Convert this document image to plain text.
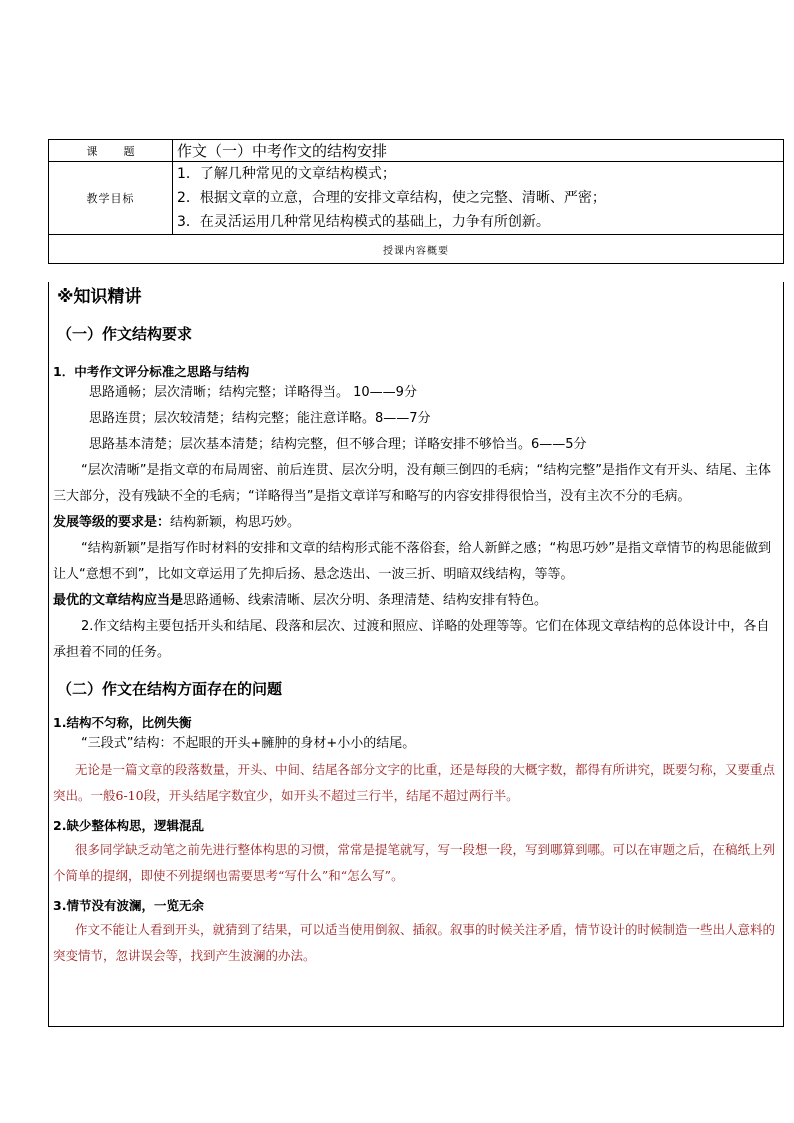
课题	作文（一）中考作文的结构安排
教学目标	1．了解几种常见的文章结构模式；
2．根据文章的立意，合理的安排文章结构，使之完整、清晰、严密；
3．在灵活运用几种常见结构模式的基础上，力争有所创新。

授课内容概要	
※知识精讲
（一）作文结构要求
1．中考作文评分标准之思路与结构
思路通畅；层次清晰；结构完整；详略得当。 10——9分
思路连贯；层次较清楚；结构完整；能注意详略。8——7分
思路基本清楚；层次基本清楚；结构完整，但不够合理；详略安排不够恰当。6——5分
“层次清晰”是指文章的布局周密、前后连贯、层次分明，没有颠三倒四的毛病；“结构完整”是指作文有开头、结尾、主体三大部分，没有残缺不全的毛病；“详略得当”是指文章详写和略写的内容安排得很恰当，没有主次不分的毛病。
发展等级的要求是：结构新颖，构思巧妙。
“结构新颖”是指写作时材料的安排和文章的结构形式能不落俗套，给人新鲜之感；“构思巧妙”是指文章情节的构思能做到让人“意想不到”，比如文章运用了先抑后扬、悬念迭出、一波三折、明暗双线结构，等等。
最优的文章结构应当是思路通畅、线索清晰、层次分明、条理清楚、结构安排有特色。
2.作文结构主要包括开头和结尾、段落和层次、过渡和照应、详略的处理等等。它们在体现文章结构的总体设计中，各自承担着不同的任务。
（二）作文在结构方面存在的问题
1.结构不匀称，比例失衡
“三段式”结构：不起眼的开头+臃肿的身材+小小的结尾。
无论是一篇文章的段落数量，开头、中间、结尾各部分文字的比重，还是每段的大概字数，都得有所讲究，既要匀称，又要重点突出。一般6-10段，开头结尾字数宜少，如开头不超过三行半，结尾不超过两行半。
2.缺少整体构思，逻辑混乱
很多同学缺乏动笔之前先进行整体构思的习惯，常常是提笔就写，写一段想一段，写到哪算到哪。可以在审题之后，在稿纸上列个简单的提纲，即使不列提纲也需要思考“写什么”和“怎么写”。
3.情节没有波澜，一览无余
作文不能让人看到开头，就猜到了结果，可以适当使用倒叙、插叙。叙事的时候关注矛盾，情节设计的时候制造一些出人意料的突变情节，忽讲误会等，找到产生波澜的办法。
